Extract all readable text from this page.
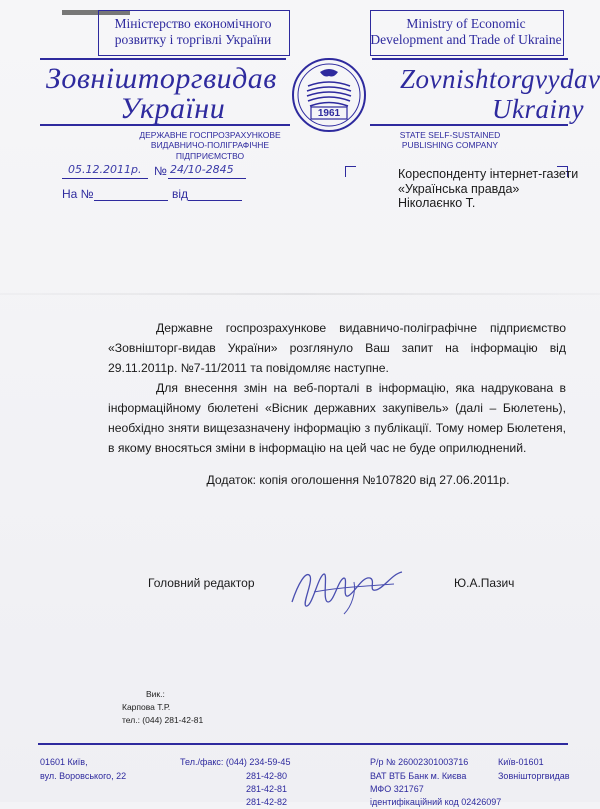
Міністерство економічного
розвитку і торгівлі України
Ministry of Economic
Development and Trade of Ukraine
Зовнішторгвидав
України
Zovnishtorgvydav
Ukrainy
1961
ДЕРЖАВНЕ ГОСПРОЗРАХУНКОВЕ
ВИДАВНИЧО-ПОЛІГРАФІЧНЕ ПІДПРИЄМСТВО
STATE SELF-SUSTAINED
PUBLISHING COMPANY
05.12.2011р. № 24/10-2845
На №	від
Кореспонденту інтернет-газети
«Українська правда»
Ніколаєнко Т.
Державне госпрозрахункове видавничо-поліграфічне підприємство «Зовнішторг-видав України» розглянуло Ваш запит на інформацію від 29.11.2011р. №7-11/2011 та повідомляє наступне.
Для внесення змін на веб-порталі в інформацію, яка надрукована в інформаційному бюлетені «Вісник державних закупівель» (далі – Бюлетень), необхідно зняти вищезазначену інформацію з публікації. Тому номер Бюлетеня, в якому вносяться зміни в інформацію на цей час не буде оприлюднений.
Додаток: копія оголошення №107820 від 27.06.2011р.
Головний редактор	Ю.А.Пазич
Вик.:
Карпова Т.Р.
тел.: (044) 281-42-81
01601 Київ,
вул. Воровського, 22
Тел./факс: (044) 234-59-45
281-42-80
281-42-81
281-42-82
Р/р № 26002301003716
ВАТ ВТБ Банк м. Києва
МФО 321767
ідентифікаційний код 02426097
Київ-01601
Зовнішторгвидав
